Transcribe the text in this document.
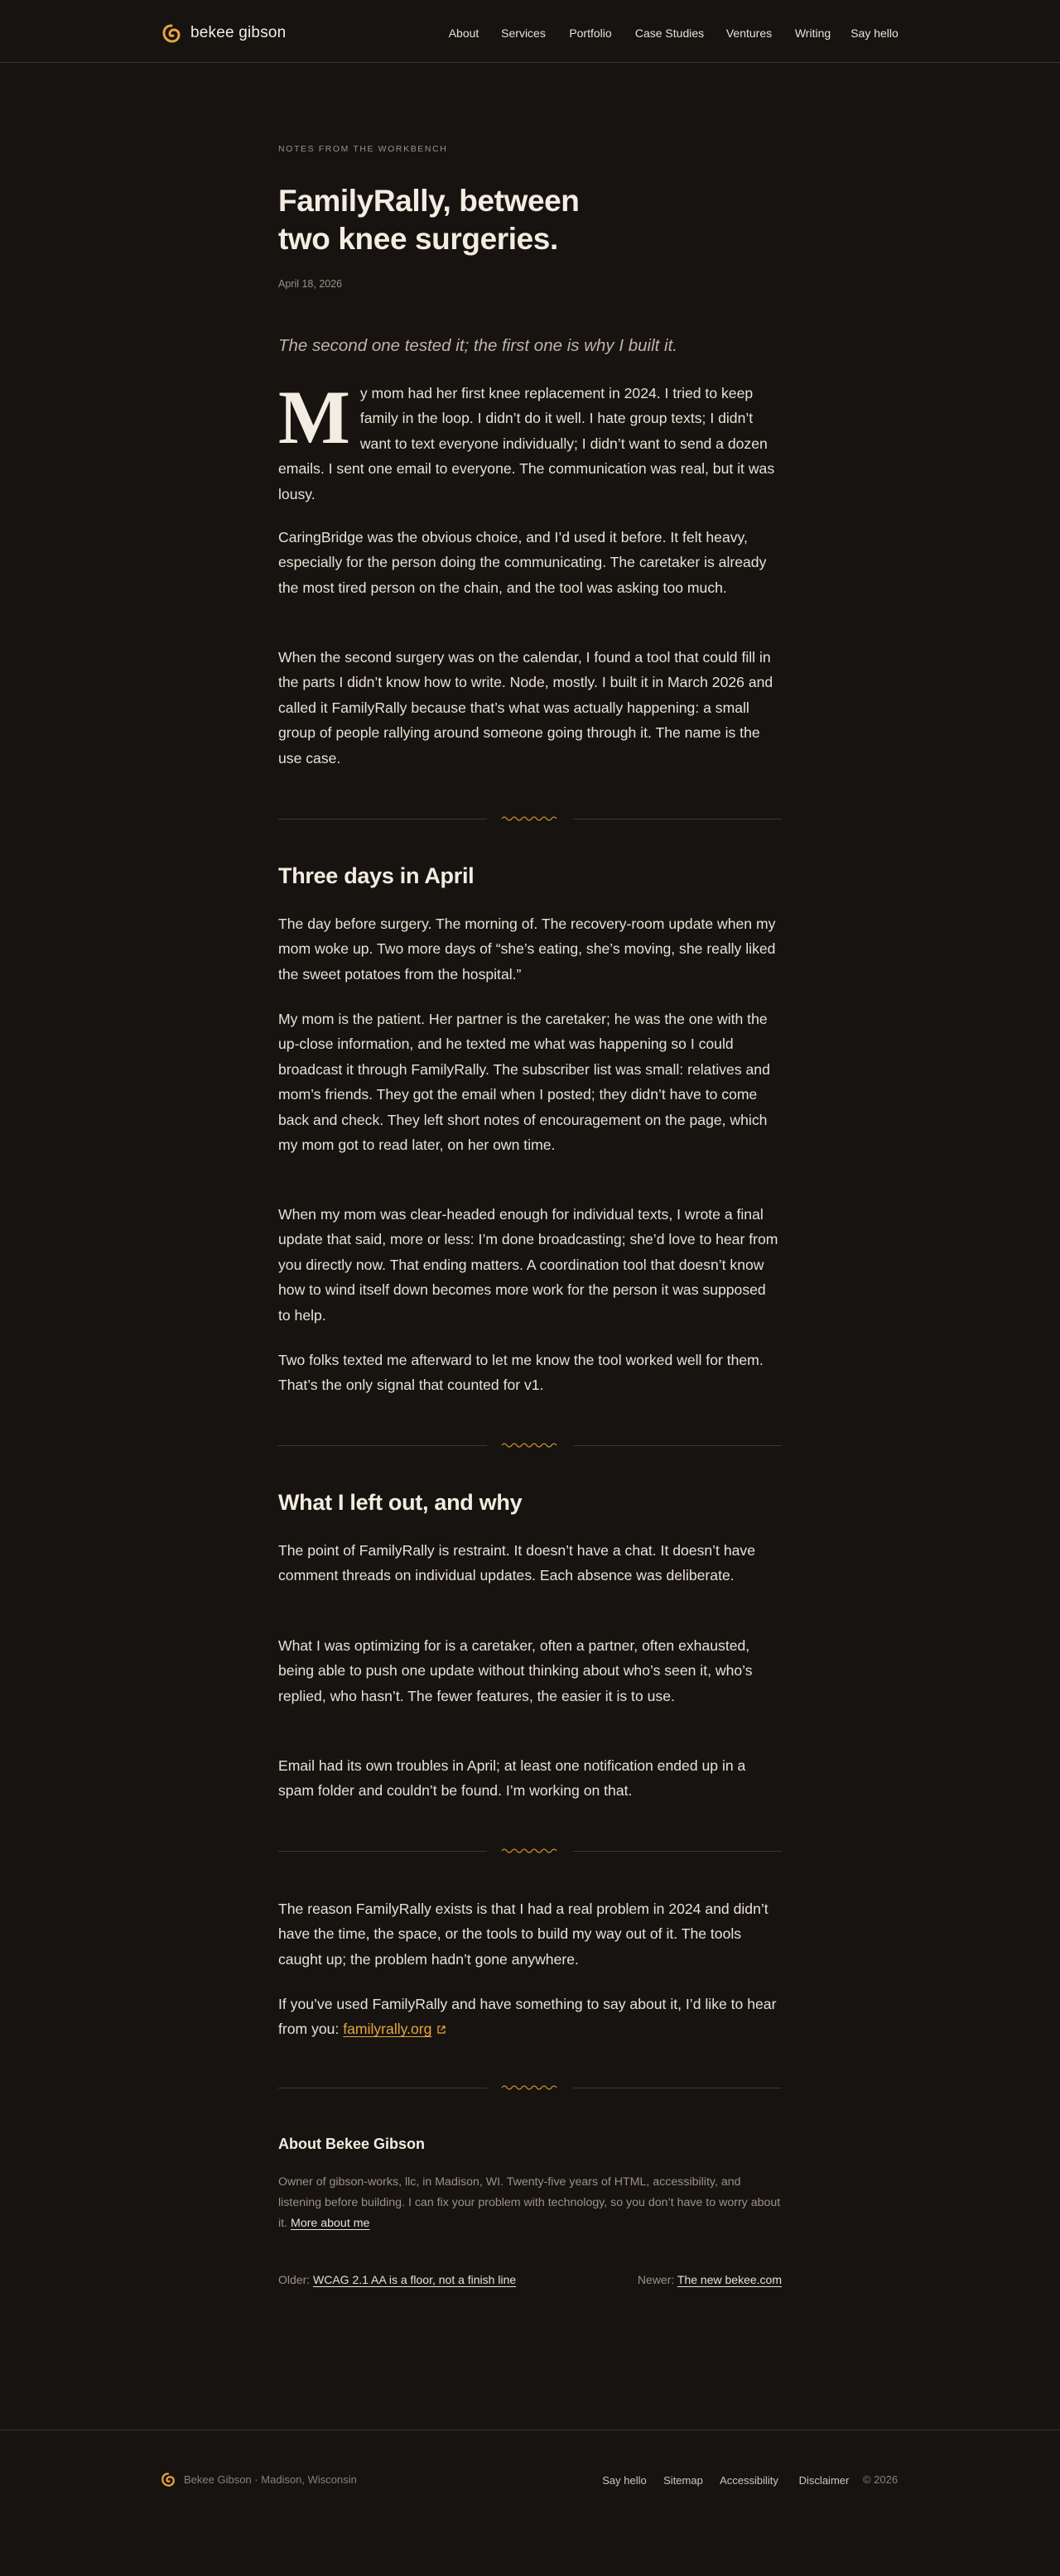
bekee gibson	About Services	Portfolio	Case Studies Ventures Writing	Say hello
NOTES FROM THE WORKBENCH
FamilyRally, between two knee surgeries.
April 18, 2026
The second one tested it; the first one is why I built it.

My mom had her first knee replacement in 2024. I tried to keep family in the loop. I didn’t do it well. I hate group texts; I didn’t want to text everyone individually; I didn’t want to send a dozen emails. I sent one email to everyone. The communication was real, but it was lousy.

CaringBridge was the obvious choice, and I’d used it before. It felt heavy, especially for the person doing the communicating. The caretaker is already the most tired person on the chain, and the tool was asking too much.

When the second surgery was on the calendar, I found a tool that could fill in the parts I didn’t know how to write. Node, mostly. I built it in March 2026 and called it FamilyRally because that’s what was actually happening: a small group of people rallying around someone going through it. The name is the use case.

Three days in April

The day before surgery. The morning of. The recovery-room update when my mom woke up. Two more days of “she’s eating, she’s moving, she really liked the sweet potatoes from the hospital.”

My mom is the patient. Her partner is the caretaker; he was the one with the up-close information, and he texted me what was happening so I could broadcast it through FamilyRally. The subscriber list was small: relatives and mom’s friends. They got the email when I posted; they didn’t have to come back and check. They left short notes of encouragement on the page, which my mom got to read later, on her own time.

When my mom was clear-headed enough for individual texts, I wrote a final update that said, more or less: I’m done broadcasting; she’d love to hear from you directly now. That ending matters. A coordination tool that doesn’t know how to wind itself down becomes more work for the person it was supposed to help.

Two folks texted me afterward to let me know the tool worked well for them. That’s the only signal that counted for v1.

What I left out, and why

The point of FamilyRally is restraint. It doesn’t have a chat. It doesn’t have comment threads on individual updates. Each absence was deliberate.

What I was optimizing for is a caretaker, often a partner, often exhausted, being able to push one update without thinking about who’s seen it, who’s replied, who hasn’t. The fewer features, the easier it is to use.

Email had its own troubles in April; at least one notification ended up in a spam folder and couldn’t be found. I’m working on that.

The reason FamilyRally exists is that I had a real problem in 2024 and didn’t have the time, the space, or the tools to build my way out of it. The tools caught up; the problem hadn’t gone anywhere.

If you’ve used FamilyRally and have something to say about it, I’d like to hear from you: familyrally.org

About Bekee Gibson

Owner of gibson-works, llc, in Madison, WI. Twenty-five years of HTML, accessibility, and listening before building. I can fix your problem with technology, so you don’t have to worry about it. More about me

Older: WCAG 2.1 AA is a floor, not a finish line	Newer: The new bekee.com
Bekee Gibson · Madison, Wisconsin	Say hello Sitemap	Accessibility	Disclaimer © 2026
